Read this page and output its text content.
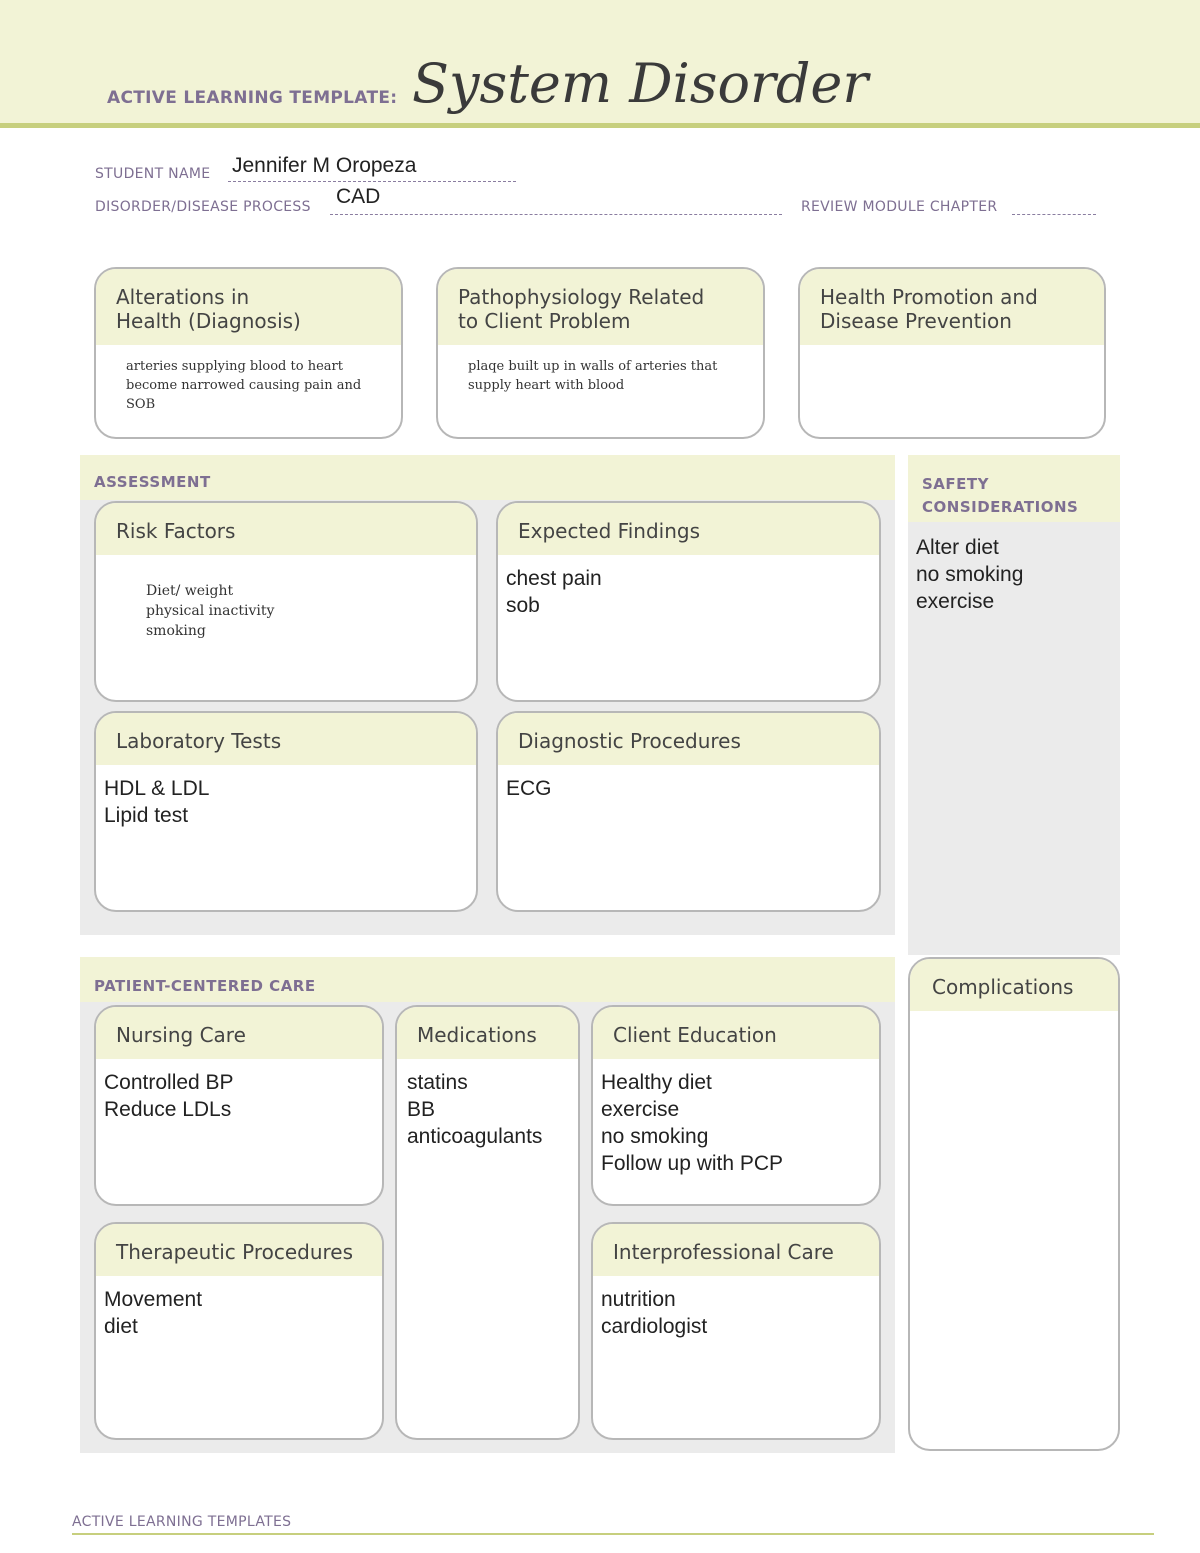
ACTIVE LEARNING TEMPLATE: System Disorder
STUDENT NAME Jennifer M Oropeza
DISORDER/DISEASE PROCESS CAD	REVIEW MODULE CHAPTER
Alterations in
Health (Diagnosis)
arteries supplying blood to heart
become narrowed causing pain and
SOB
Pathophysiology Related
to Client Problem
plaqe built up in walls of arteries that
supply heart with blood
Health Promotion and
Disease Prevention
ASSESSMENT
Risk Factors
Diet/ weight
physical inactivity
smoking
Expected Findings
chest pain
sob
Laboratory Tests
HDL & LDL
Lipid test
Diagnostic Procedures
ECG
SAFETY
CONSIDERATIONS
Alter diet
no smoking
exercise
PATIENT-CENTERED CARE
Nursing Care
Controlled BP
Reduce LDLs
Medications
statins
BB
anticoagulants
Client Education
Healthy diet
exercise
no smoking
Follow up with PCP
Therapeutic Procedures
Movement
diet
Interprofessional Care
nutrition
cardiologist
Complications
ACTIVE LEARNING TEMPLATES
